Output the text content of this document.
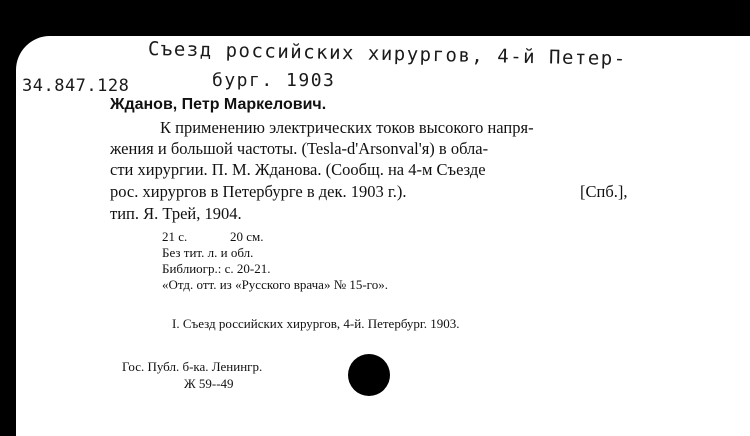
Съезд российских хирургов, 4-й Петер-
34.847.128	бург. 1903
Жданов, Петр Маркелович.
К применению электрических токов высокого напря-
жения и большой частоты. (Tesla-d'Arsonval'я) в обла-
сти хирургии. П. М. Жданова. (Сообщ. на 4-м Съезде
рос. хирургов в Петербурге в дек. 1903 г.).	[Спб.],
тип. Я. Трей, 1904.
21 с.	20 см.
Без тит. л. и обл.
Библиогр.: с. 20-21.
«Отд. отт. из «Русского врача» № 15-го».
I. Съезд российских хирургов, 4-й. Петербург. 1903.
Гос. Публ. б-ка. Ленингр.
Ж 59--49
